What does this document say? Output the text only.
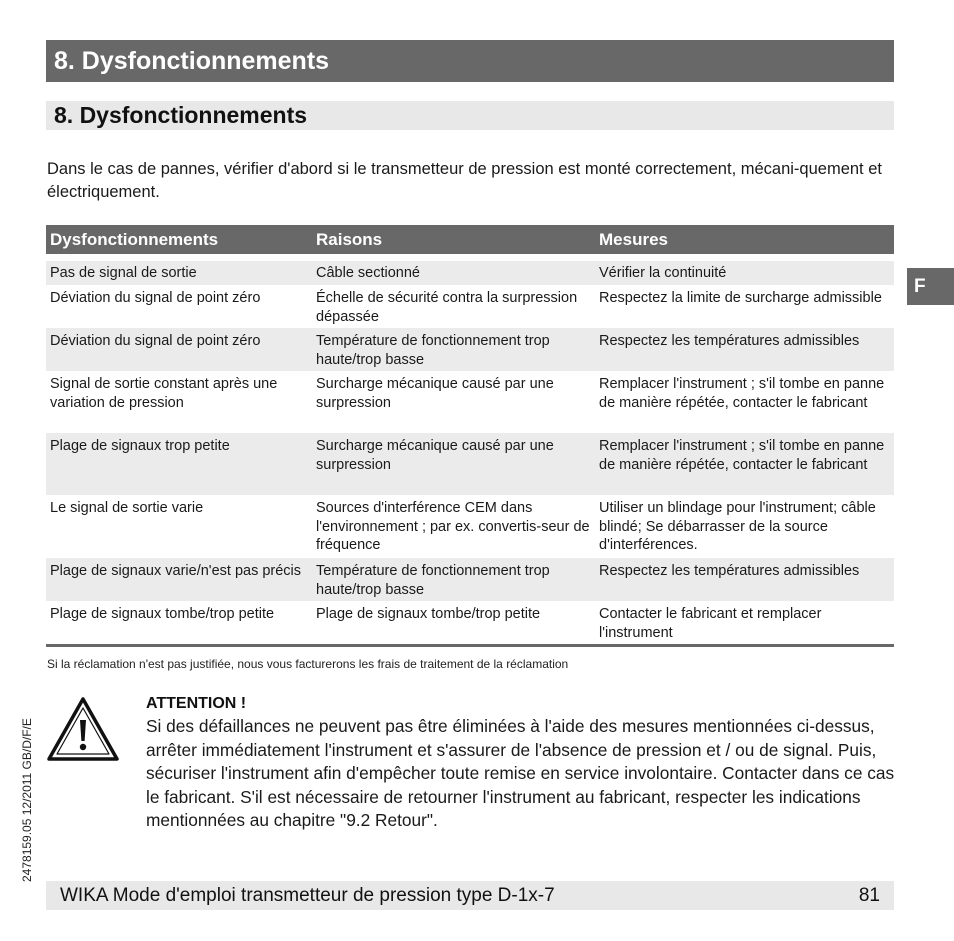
8. Dysfonctionnements
8. Dysfonctionnements
Dans le cas de pannes, vérifier d'abord si le transmetteur de pression est monté correctement, mécani-quement et électriquement.
Dysfonctionnements	Raisons	Mesures

Pas de signal de sortie	Câble sectionné	Vérifier la continuité
Déviation du signal de point zéro	Échelle de sécurité contra la surpression dépassée	Respectez la limite de surcharge admissible
Déviation du signal de point zéro	Température de fonctionnement trop haute/trop basse	Respectez les températures admissibles
Signal de sortie constant après une variation de pression	Surcharge mécanique causé par une surpression	Remplacer l'instrument ; s'il tombe en panne de manière répétée, contacter le fabricant
Plage de signaux trop petite	Surcharge mécanique causé par une surpression	Remplacer l'instrument ; s'il tombe en panne de manière répétée, contacter le fabricant
Le signal de sortie varie	Sources d'interférence CEM dans l'environnement ; par ex. convertis-seur de fréquence	Utiliser un blindage pour l'instrument; câble blindé; Se débarrasser de la source d'interférences.
Plage de signaux varie/n'est pas précis	Température de fonctionnement trop haute/trop basse	Respectez les températures admissibles
Plage de signaux tombe/trop petite	Plage de signaux tombe/trop petite	Contacter le fabricant et remplacer l'instrument
Si la réclamation n'est pas justifiée, nous vous facturerons les frais de traitement de la réclamation
ATTENTION !
Si des défaillances ne peuvent pas être éliminées à l'aide des mesures mentionnées ci-dessus, arrêter immédiatement l'instrument et s'assurer de l'absence de pression et / ou de signal. Puis, sécuriser l'instrument afin d'empêcher toute remise en service involontaire. Contacter dans ce cas le fabricant. S'il est nécessaire de retourner l'instrument au fabricant, respecter les indications mentionnées au chapitre "9.2 Retour".
2478159.05 12/2011 GB/D/F/E
F
WIKA Mode d'emploi transmetteur de pression type D-1x-7	81
